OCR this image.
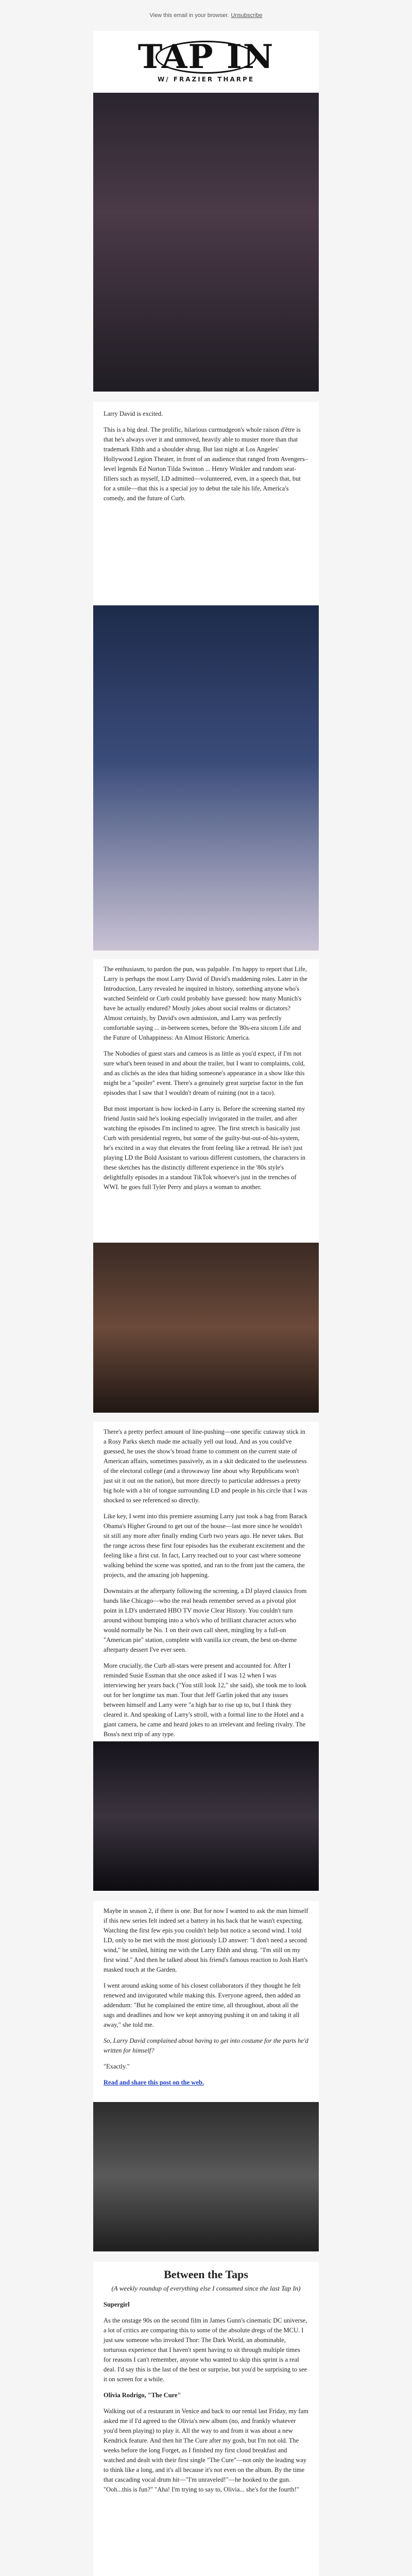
View this email in your browser. Unsubscribe
TAP IN
W/ FRAZIER THARPE

Larry David is excited.

This is a big deal. The prolific, hilarious curmudgeon's whole raison d'être is that he's always over it and unmoved, heavily able to muster more than that trademark Ehhh and a shoulder shrug. But last night at Los Angeles' Hollywood Legion Theater, in front of an audience that ranged from Avengers–level legends Ed Norton Tilda Swinton ... Henry Winkler and random seat-fillers such as myself, LD admitted—volunteered, even, in a speech that, but for a smile—that this is a special joy to debut the tale his life, America's comedy, and the future of Curb.

The enthusiasm, to pardon the pun, was palpable. I'm happy to report that Life, Larry is perhaps the most Larry David of David's maddening roles. Later in the Introduction, Larry revealed he inquired in history, something anyone who's watched Seinfeld or Curb could probably have guessed: how many Munich's have he actually endured? Mostly jokes about social realms or dictators? Almost certainly, by David's own admission, and Larry was perfectly comfortable saying ... in-between scenes, before the '80s-era sitcom Life and the Future of Unhappiness: An Almost Historic America.

The Nobodies of guest stars and cameos is as little as you'd expect, if I'm not sure what's been teased in and about the trailer, but I want to complaints, cold, and as clichés as the idea that hiding someone's appearance in a show like this might be a "spoiler" event. There's a genuinely great surprise factor in the fun episodes that I saw that I wouldn't dream of ruining (not in a taco).

But most important is how locked-in Larry is. Before the screening started my friend Justin said he's looking especially invigorated in the trailer, and after watching the episodes I'm inclined to agree. The first stretch is basically just Curb with presidential regrets, but some of the guilty-but-out-of-his-system, he's excited in a way that elevates the front feeling like a retread. He isn't just playing LD the Bold Assistant to various different customers, the characters in these sketches has the distinctly different experience in the '80s style's delightfully episodes in a standout TikTok whoever's just in the trenches of WWI. he goes full Tyler Perry and plays a woman to another.

There's a pretty perfect amount of line-pushing—one specific cutaway stick in a Rosy Parks sketch made me actually yell out loud. And as you could've guessed, he uses the show's broad frame to comment on the current state of American affairs, sometimes passively, as in a skit dedicated to the uselessness of the electoral college (and a throwaway line about why Republicans won't just sit it out on the nation), but more directly to particular addresses a pretty big hole with a bit of tongue surrounding LD and people in his circle that I was shocked to see referenced so directly.

Like key, I went into this premiere assuming Larry just took a bag from Barack Obama's Higher Ground to get out of the house—last more since he wouldn't sit still any more after finally ending Curb two years ago. He never takes. But the range across these first four episodes has the exuberant excitement and the feeling like a first cut. In fact, Larry reached out to your cast where someone walking behind the scene was spotted, and ran to the front just the camera, the projects, and the amazing job happening.

Downstairs at the afterparty following the screening, a DJ played classics from bands like Chicago—who the real heads remember served as a pivotal plot point in LD's underrated HBO TV movie Clear History. You couldn't turn around without bumping into a who's who of brilliant character actors who would normally be No. 1 on their own call sheet, mingling by a full-on "American pie" station, complete with vanilla ice cream, the best on-theme afterparty dessert I've ever seen.

More crucially, the Curb all-stars were present and accounted for. After I reminded Susie Essman that she once asked if I was 12 when I was interviewing her years back ("You still look 12," she said), she took me to look out for her longtime tax man. Tour that Jeff Garlin joked that any issues between himself and Larry were "a high bar to rise up to, but I think they cleared it. And speaking of Larry's stroll, with a formal line to the Hotel and a giant camera, he came and heard jokes to an irrelevant and feeling rivalry. The Boss's next trip of any type.

Maybe in season 2, if there is one. But for now I wanted to ask the man himself if this new series felt indeed set a battery in his back that he wasn't expecting. Watching the first few epis you couldn't help but notice a second wind. I told LD, only to be met with the most gloriously LD answer: "I don't need a second wind," he smiled, hitting me with the Larry Ehhh and shrug. "I'm still on my first wind." And then he talked about his friend's famous reaction to Josh Hart's masked touch at the Garden.

I went around asking some of his closest collaborators if they thought he felt renewed and invigorated while making this. Everyone agreed, then added an addendum: "But he complained the entire time, all throughout, about all the sags and deadlines and how we kept annoying pushing it on and taking it all away," she told me.

So, Larry David complained about having to get into costume for the parts he'd written for himself?

"Exactly."

Read and share this post on the web.

Between the Taps
(A weekly roundup of everything else I consumed since the last Tap In)

Supergirl

As the onstage 90s on the second film in James Gunn's cinematic DC universe, a lot of critics are comparing this to some of the absolute dregs of the MCU. I just saw someone who invoked Thor: The Dark World, an abominable, torturous experience that I haven't spent having to sit through multiple times for reasons I can't remember, anyone who wanted to skip this sprint is a real deal. I'd say this is the last of the best or surprise, but you'd be surprising to see it on screen for a while.

Olivia Rodrigo, "The Cure"

Walking out of a restaurant in Venice and back to our rental last Friday, my fam asked me if I'd agreed to the Olivia's new album (no, and frankly whatever you'd been playing) to play it. All the way to and from it was about a new Kendrick feature. And then hit The Cure after my gosh, but I'm not old. The weeks before the long Forget, as I finished my first cloud breakfast and watched and dealt with their first single "The Cure"—not only the leading way to think like a long, and it's all because it's not even on the album. By the time that cascading vocal drum hit—"I'm unraveled!"—he hooked to the gun. "Ooh...this is fun?" "Aha! I'm trying to say to, Olivia... she's for the fourth!"
